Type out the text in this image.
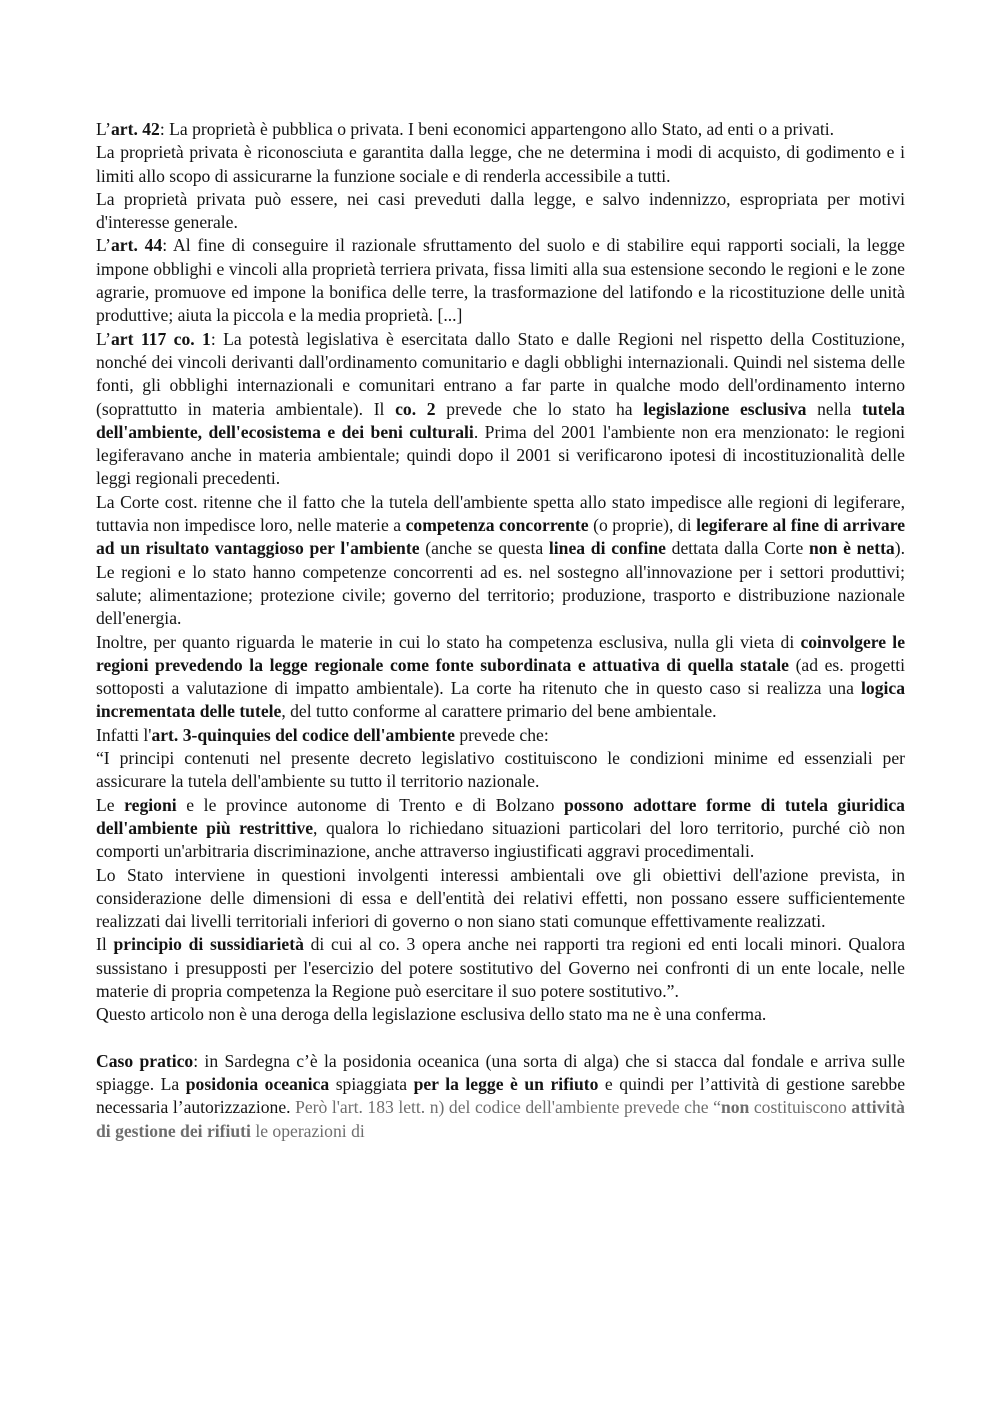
L’art. 42: La proprietà è pubblica o privata. I beni economici appartengono allo Stato, ad enti o a privati.

La proprietà privata è riconosciuta e garantita dalla legge, che ne determina i modi di acquisto, di godimento e i limiti allo scopo di assicurarne la funzione sociale e di renderla accessibile a tutti.

La proprietà privata può essere, nei casi preveduti dalla legge, e salvo indennizzo, espropriata per motivi d'interesse generale.

L’art. 44: Al fine di conseguire il razionale sfruttamento del suolo e di stabilire equi rapporti sociali, la legge impone obblighi e vincoli alla proprietà terriera privata, fissa limiti alla sua estensione secondo le regioni e le zone agrarie, promuove ed impone la bonifica delle terre, la trasformazione del latifondo e la ricostituzione delle unità produttive; aiuta la piccola e la media proprietà. [...]

L’art 117 co. 1: La potestà legislativa è esercitata dallo Stato e dalle Regioni nel rispetto della Costituzione, nonché dei vincoli derivanti dall'ordinamento comunitario e dagli obblighi internazionali. Quindi nel sistema delle fonti, gli obblighi internazionali e comunitari entrano a far parte in qualche modo dell'ordinamento interno (soprattutto in materia ambientale). Il co. 2 prevede che lo stato ha legislazione esclusiva nella tutela dell'ambiente, dell'ecosistema e dei beni culturali. Prima del 2001 l'ambiente non era menzionato: le regioni legiferavano anche in materia ambientale; quindi dopo il 2001 si verificarono ipotesi di incostituzionalità delle leggi regionali precedenti.

La Corte cost. ritenne che il fatto che la tutela dell'ambiente spetta allo stato impedisce alle regioni di legiferare, tuttavia non impedisce loro, nelle materie a competenza concorrente (o proprie), di legiferare al fine di arrivare ad un risultato vantaggioso per l'ambiente (anche se questa linea di confine dettata dalla Corte non è netta). Le regioni e lo stato hanno competenze concorrenti ad es. nel sostegno all'innovazione per i settori produttivi; salute; alimentazione; protezione civile; governo del territorio; produzione, trasporto e distribuzione nazionale dell'energia.

Inoltre, per quanto riguarda le materie in cui lo stato ha competenza esclusiva, nulla gli vieta di coinvolgere le regioni prevedendo la legge regionale come fonte subordinata e attuativa di quella statale (ad es. progetti sottoposti a valutazione di impatto ambientale). La corte ha ritenuto che in questo caso si realizza una logica incrementata delle tutele, del tutto conforme al carattere primario del bene ambientale.

Infatti l'art. 3-quinquies del codice dell'ambiente prevede che:

“I principi contenuti nel presente decreto legislativo costituiscono le condizioni minime ed essenziali per assicurare la tutela dell'ambiente su tutto il territorio nazionale.

Le regioni e le province autonome di Trento e di Bolzano possono adottare forme di tutela giuridica dell'ambiente più restrittive, qualora lo richiedano situazioni particolari del loro territorio, purché ciò non comporti un'arbitraria discriminazione, anche attraverso ingiustificati aggravi procedimentali.

Lo Stato interviene in questioni involgenti interessi ambientali ove gli obiettivi dell'azione prevista, in considerazione delle dimensioni di essa e dell'entità dei relativi effetti, non possano essere sufficientemente realizzati dai livelli territoriali inferiori di governo o non siano stati comunque effettivamente realizzati.

Il principio di sussidiarietà di cui al co. 3 opera anche nei rapporti tra regioni ed enti locali minori. Qualora sussistano i presupposti per l'esercizio del potere sostitutivo del Governo nei confronti di un ente locale, nelle materie di propria competenza la Regione può esercitare il suo potere sostitutivo.”.

Questo articolo non è una deroga della legislazione esclusiva dello stato ma ne è una conferma.

Caso pratico: in Sardegna c’è la posidonia oceanica (una sorta di alga) che si stacca dal fondale e arriva sulle spiagge. La posidonia oceanica spiaggiata per la legge è un rifiuto e quindi per l’attività di gestione sarebbe necessaria l’autorizzazione. Però l'art. 183 lett. n) del codice dell'ambiente prevede che “non costituiscono attività di gestione dei rifiuti le operazioni di
